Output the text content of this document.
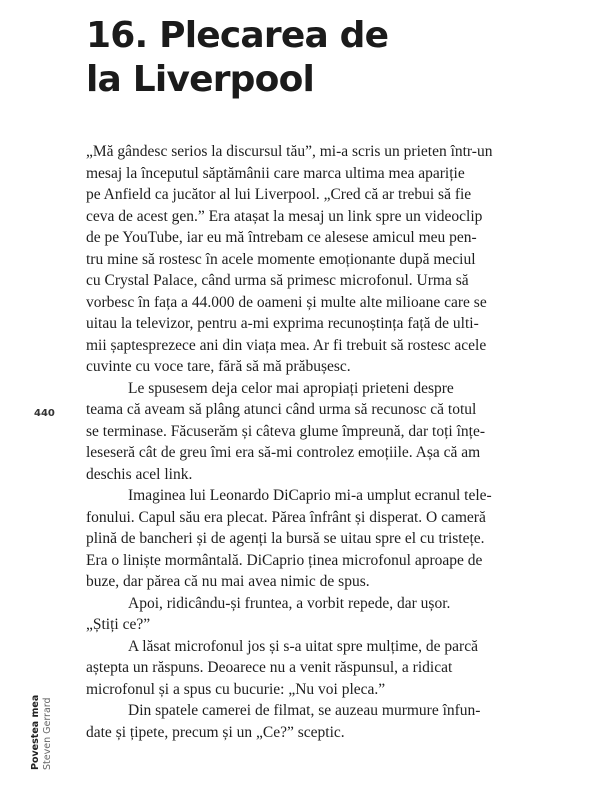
16. Plecarea de
la Liverpool
440
„Mă gândesc serios la discursul tău”, mi-a scris un prieten într-un
mesaj la începutul săptămânii care marca ultima mea apariție
pe Anfield ca jucător al lui Liverpool. „Cred că ar trebui să fie
ceva de acest gen.” Era atașat la mesaj un link spre un videoclip
de pe YouTube, iar eu mă întrebam ce alesese amicul meu pen-
tru mine să rostesc în acele momente emoționante după meciul
cu Crystal Palace, când urma să primesc microfonul. Urma să
vorbesc în fața a 44.000 de oameni și multe alte milioane care se
uitau la televizor, pentru a-mi exprima recunoștința față de ulti-
mii șaptesprezece ani din viața mea. Ar fi trebuit să rostesc acele
cuvinte cu voce tare, fără să mă prăbușesc.
Le spusesem deja celor mai apropiați prieteni despre
teama că aveam să plâng atunci când urma să recunosc că totul
se terminase. Făcuserăm și câteva glume împreună, dar toți înțe-
leseseră cât de greu îmi era să-mi controlez emoțiile. Așa că am
deschis acel link.
Imaginea lui Leonardo DiCaprio mi-a umplut ecranul tele-
fonului. Capul său era plecat. Părea înfrânt și disperat. O cameră
plină de bancheri și de agenți la bursă se uitau spre el cu tristețe.
Era o liniște mormântală. DiCaprio ținea microfonul aproape de
buze, dar părea că nu mai avea nimic de spus.
Apoi, ridicându-și fruntea, a vorbit repede, dar ușor.
„Știți ce?”
A lăsat microfonul jos și s-a uitat spre mulțime, de parcă
aștepta un răspuns. Deoarece nu a venit răspunsul, a ridicat
microfonul și a spus cu bucurie: „Nu voi pleca.”
Din spatele camerei de filmat, se auzeau murmure înfun-
date și țipete, precum și un „Ce?” sceptic.
Povestea mea Steven Gerrard
